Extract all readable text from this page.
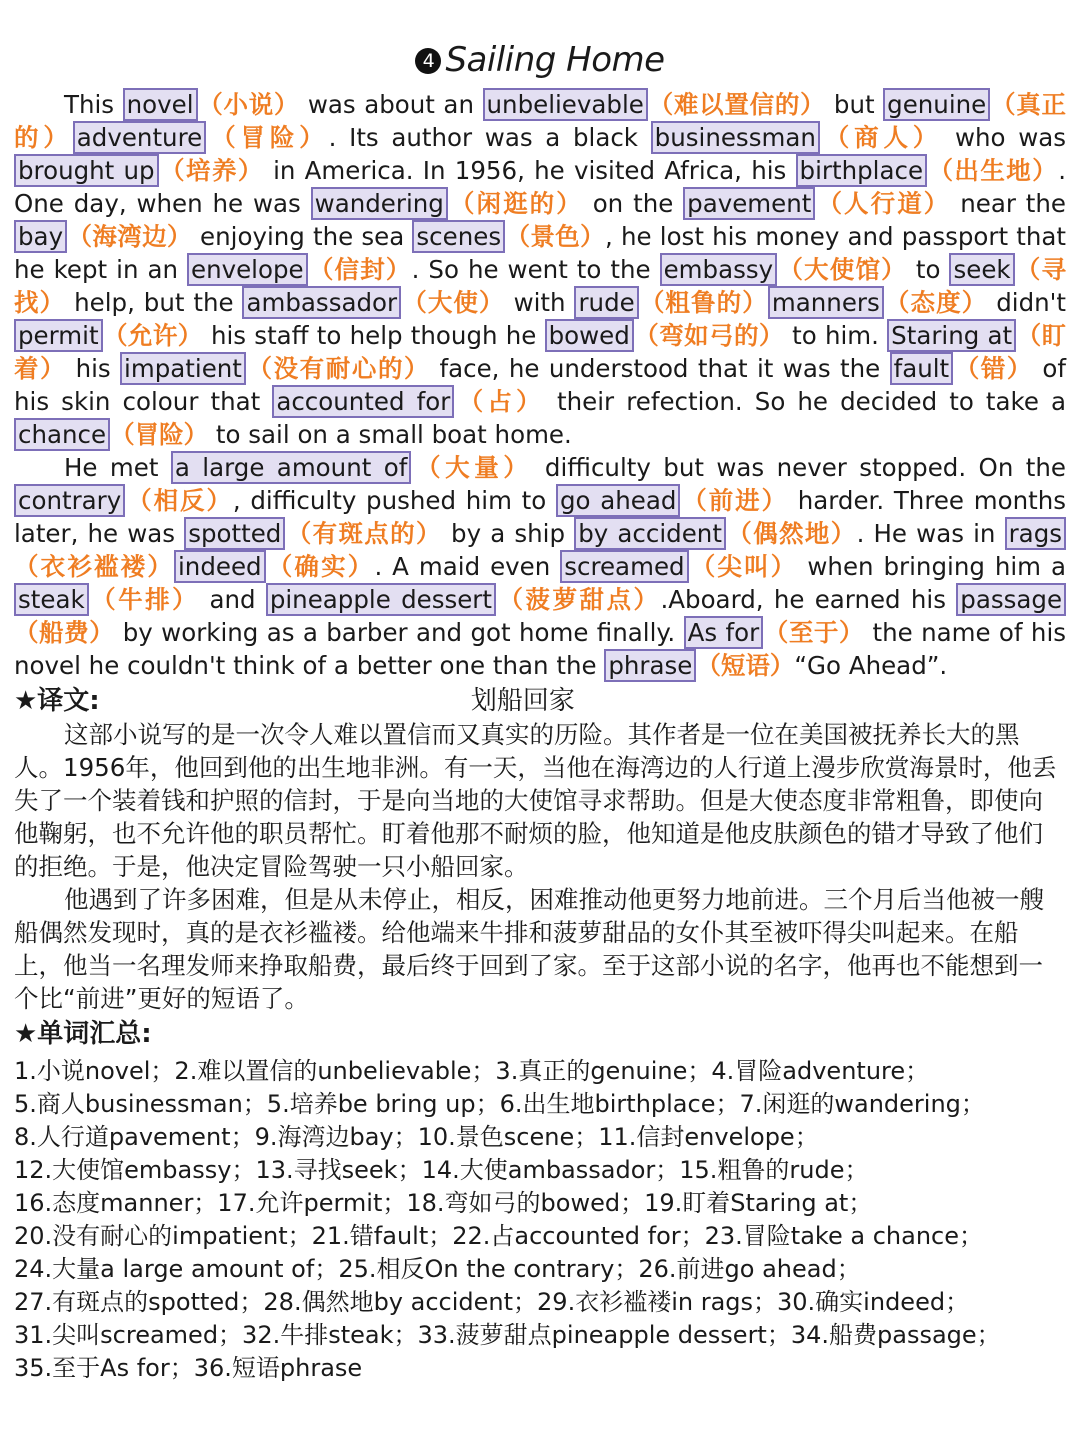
4 Sailing Home

This novel （小说） was about an unbelievable （难以置信的） but genuine （真正的） adventure （冒险）. Its author was a black businessman （商人） who was brought up （培养） in America. In 1956, he visited Africa, his birthplace （出生地）. One day, when he was wandering （闲逛的） on the pavement （人行道） near the bay （海湾边） enjoying the sea scenes （景色）, he lost his money and passport that he kept in an envelope （信封）. So he went to the embassy （大使馆） to seek （寻找） help, but the ambassador （大使） with rude （粗鲁的） manners （态度） didn't permit （允许） his staff to help though he bowed （弯如弓的） to him. Staring at （盯着） his impatient （没有耐心的） face, he understood that it was the fault （错） of his skin colour that accounted for （占） their refection. So he decided to take a chance （冒险） to sail on a small boat home.

He met a large amount of （大量） difficulty but was never stopped. On the contrary （相反）, difficulty pushed him to go ahead （前进） harder. Three months later, he was spotted （有斑点的） by a ship by accident （偶然地）. He was in rags（衣衫褴褛） indeed （确实）. A maid even screamed （尖叫） when bringing him a steak （牛排） and pineapple dessert （菠萝甜点）.Aboard, he earned his passage（船费） by working as a barber and got home finally. As for （至于） the name of his novel he couldn't think of a better one than the phrase （短语）“Go Ahead”.

★译文:	划船回家

这部小说写的是一次令人难以置信而又真实的历险。其作者是一位在美国被抚养长大的黑人。1956年，他回到他的出生地非洲。有一天，当他在海湾边的人行道上漫步欣赏海景时，他丢失了一个装着钱和护照的信封，于是向当地的大使馆寻求帮助。但是大使态度非常粗鲁，即使向他鞠躬，也不允许他的职员帮忙。盯着他那不耐烦的脸，他知道是他皮肤颜色的错才导致了他们的拒绝。于是，他决定冒险驾驶一只小船回家。

他遇到了许多困难，但是从未停止，相反，困难推动他更努力地前进。三个月后当他被一艘船偶然发现时，真的是衣衫褴褛。给他端来牛排和菠萝甜品的女仆其至被吓得尖叫起来。在船上，他当一名理发师来挣取船费，最后终于回到了家。至于这部小说的名字，他再也不能想到一个比“前进”更好的短语了。

★单词汇总:
1.小说novel；2.难以置信的unbelievable；3.真正的genuine；4.冒险adventure；
5.商人businessman；5.培养be bring up；6.出生地birthplace；7.闲逛的wandering；
8.人行道pavement；9.海湾边bay；10.景色scene；11.信封envelope；
12.大使馆embassy；13.寻找seek；14.大使ambassador；15.粗鲁的rude；
16.态度manner；17.允许permit；18.弯如弓的bowed；19.盯着Staring at；
20.没有耐心的impatient；21.错fault；22.占accounted for；23.冒险take a chance；
24.大量a large amount of；25.相反On the contrary；26.前进go ahead；
27.有斑点的spotted；28.偶然地by accident；29.衣衫褴褛in rags；30.确实indeed；
31.尖叫screamed；32.牛排steak；33.菠萝甜点pineapple dessert；34.船费passage；
35.至于As for；36.短语phrase
